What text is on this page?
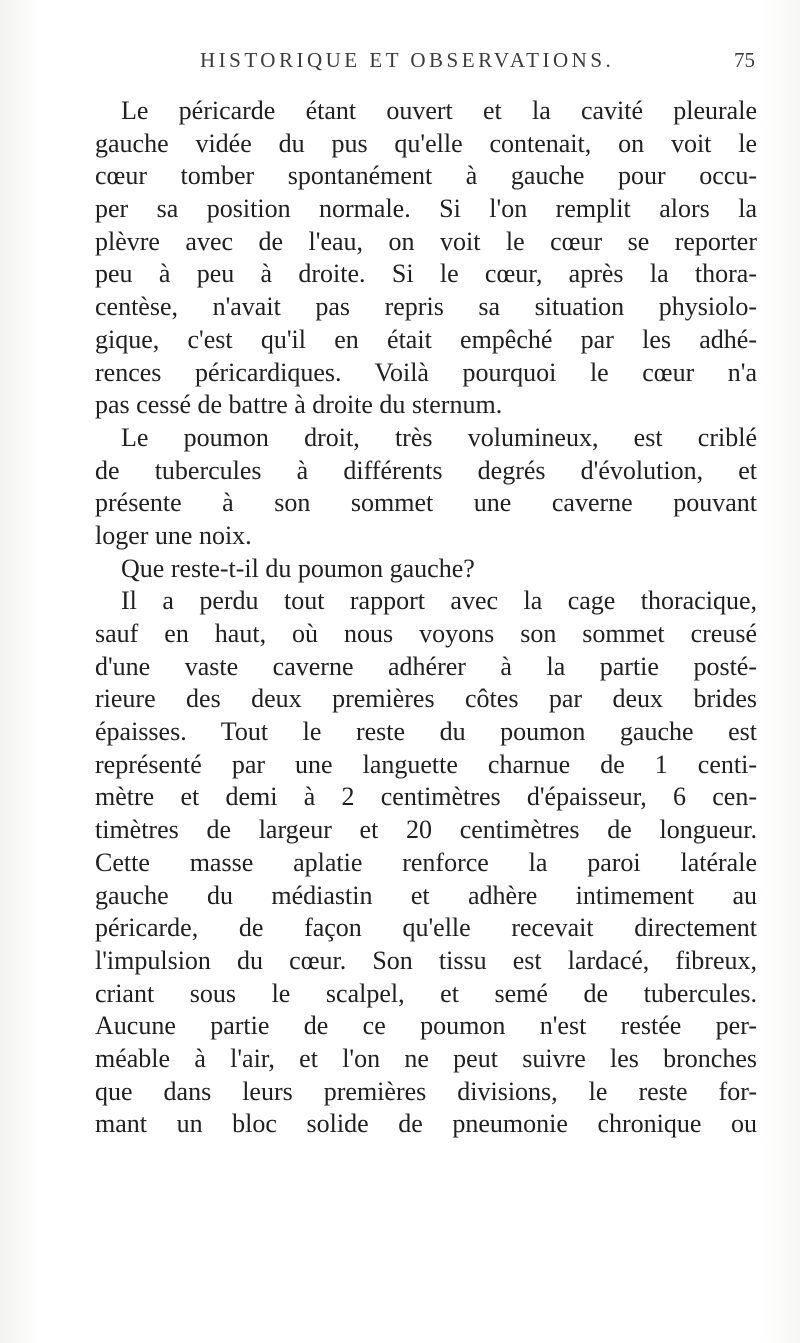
HISTORIQUE ET OBSERVATIONS.	75
Le péricarde étant ouvert et la cavité pleurale
gauche vidée du pus qu'elle contenait, on voit le
cœur tomber spontanément à gauche pour occu-
per sa position normale. Si l'on remplit alors la
plèvre avec de l'eau, on voit le cœur se reporter
peu à peu à droite. Si le cœur, après la thora-
centèse, n'avait pas repris sa situation physiolo-
gique, c'est qu'il en était empêché par les adhé-
rences péricardiques. Voilà pourquoi le cœur n'a
pas cessé de battre à droite du sternum.
Le poumon droit, très volumineux, est criblé
de tubercules à différents degrés d'évolution, et
présente à son sommet une caverne pouvant
loger une noix.
Que reste-t-il du poumon gauche?
Il a perdu tout rapport avec la cage thoracique,
sauf en haut, où nous voyons son sommet creusé
d'une vaste caverne adhérer à la partie posté-
rieure des deux premières côtes par deux brides
épaisses. Tout le reste du poumon gauche est
représenté par une languette charnue de 1 centi-
mètre et demi à 2 centimètres d'épaisseur, 6 cen-
timètres de largeur et 20 centimètres de longueur.
Cette masse aplatie renforce la paroi latérale
gauche du médiastin et adhère intimement au
péricarde, de façon qu'elle recevait directement
l'impulsion du cœur. Son tissu est lardacé, fibreux,
criant sous le scalpel, et semé de tubercules.
Aucune partie de ce poumon n'est restée per-
méable à l'air, et l'on ne peut suivre les bronches
que dans leurs premières divisions, le reste for-
mant un bloc solide de pneumonie chronique ou
